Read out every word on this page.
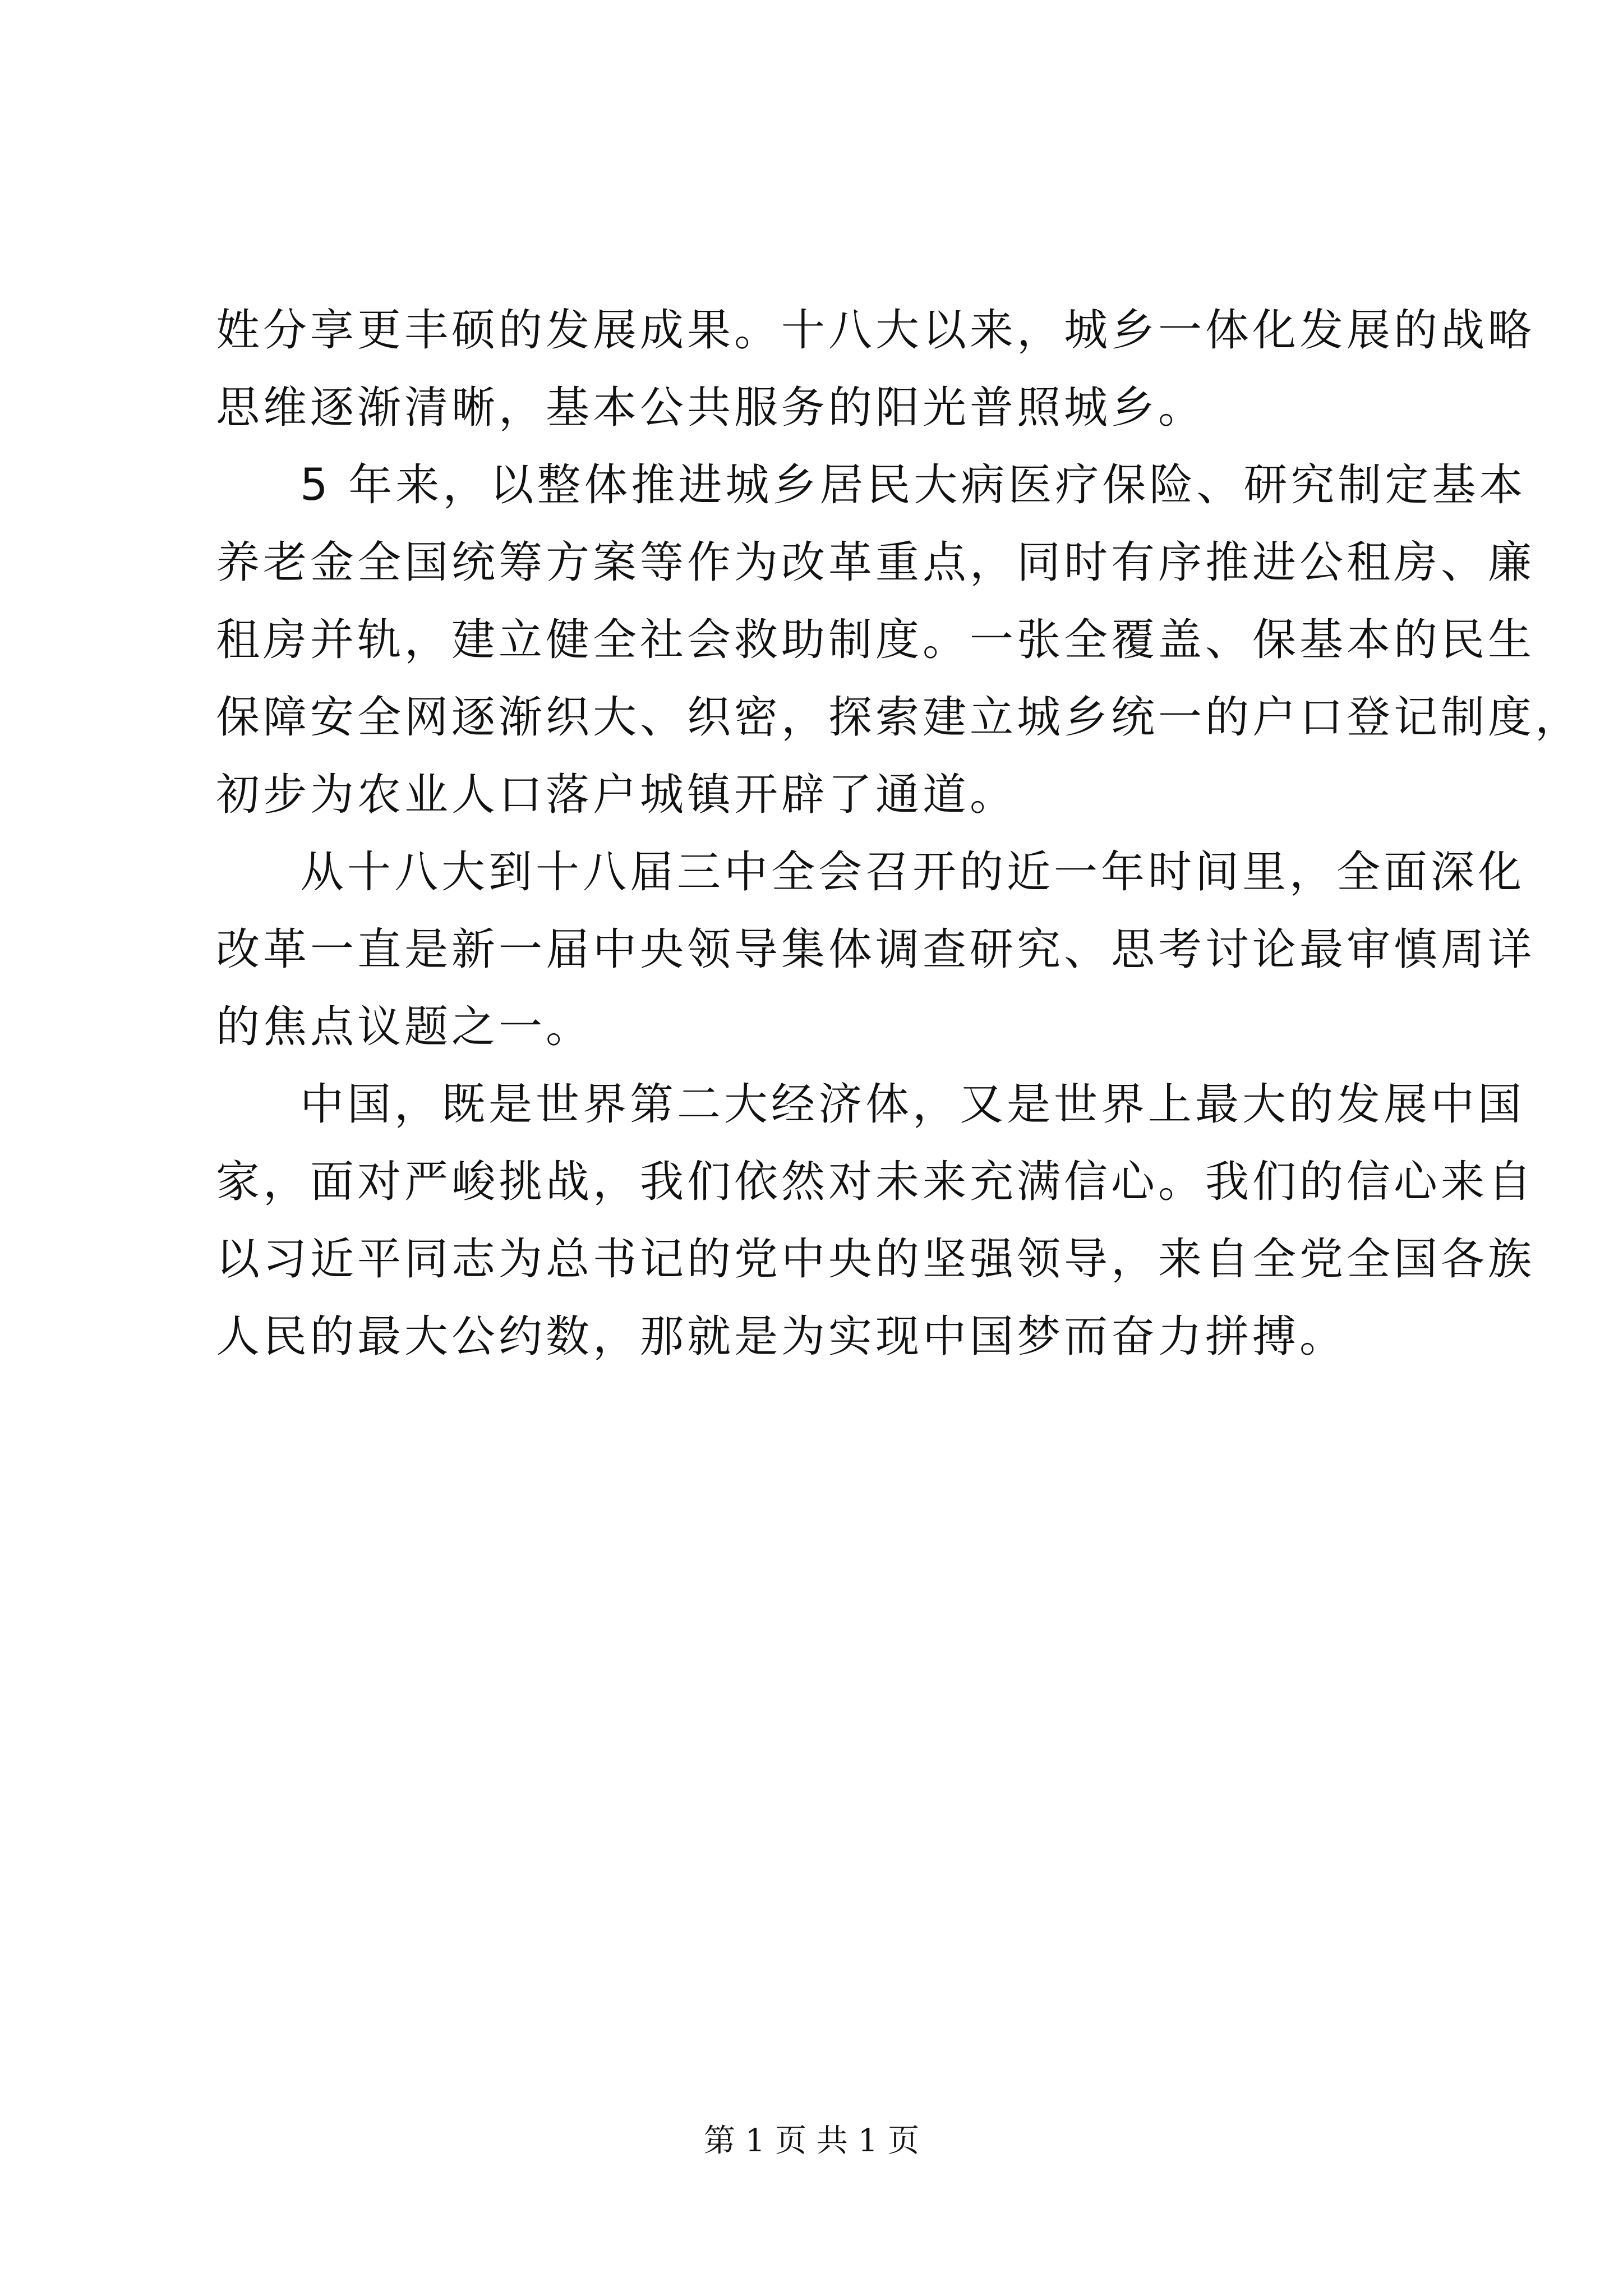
姓分享更丰硕的发展成果。十八大以来，城乡一体化发展的战略
思维逐渐清晰，基本公共服务的阳光普照城乡。
5 年来，以整体推进城乡居民大病医疗保险、研究制定基本
养老金全国统筹方案等作为改革重点，同时有序推进公租房、廉
租房并轨，建立健全社会救助制度。一张全覆盖、保基本的民生
保障安全网逐渐织大、织密，探索建立城乡统一的户口登记制度，
初步为农业人口落户城镇开辟了通道。
从十八大到十八届三中全会召开的近一年时间里，全面深化
改革一直是新一届中央领导集体调查研究、思考讨论最审慎周详
的焦点议题之一。
中国，既是世界第二大经济体，又是世界上最大的发展中国
家，面对严峻挑战，我们依然对未来充满信心。我们的信心来自
以习近平同志为总书记的党中央的坚强领导，来自全党全国各族
人民的最大公约数，那就是为实现中国梦而奋力拼搏。
第 1 页 共 1 页
